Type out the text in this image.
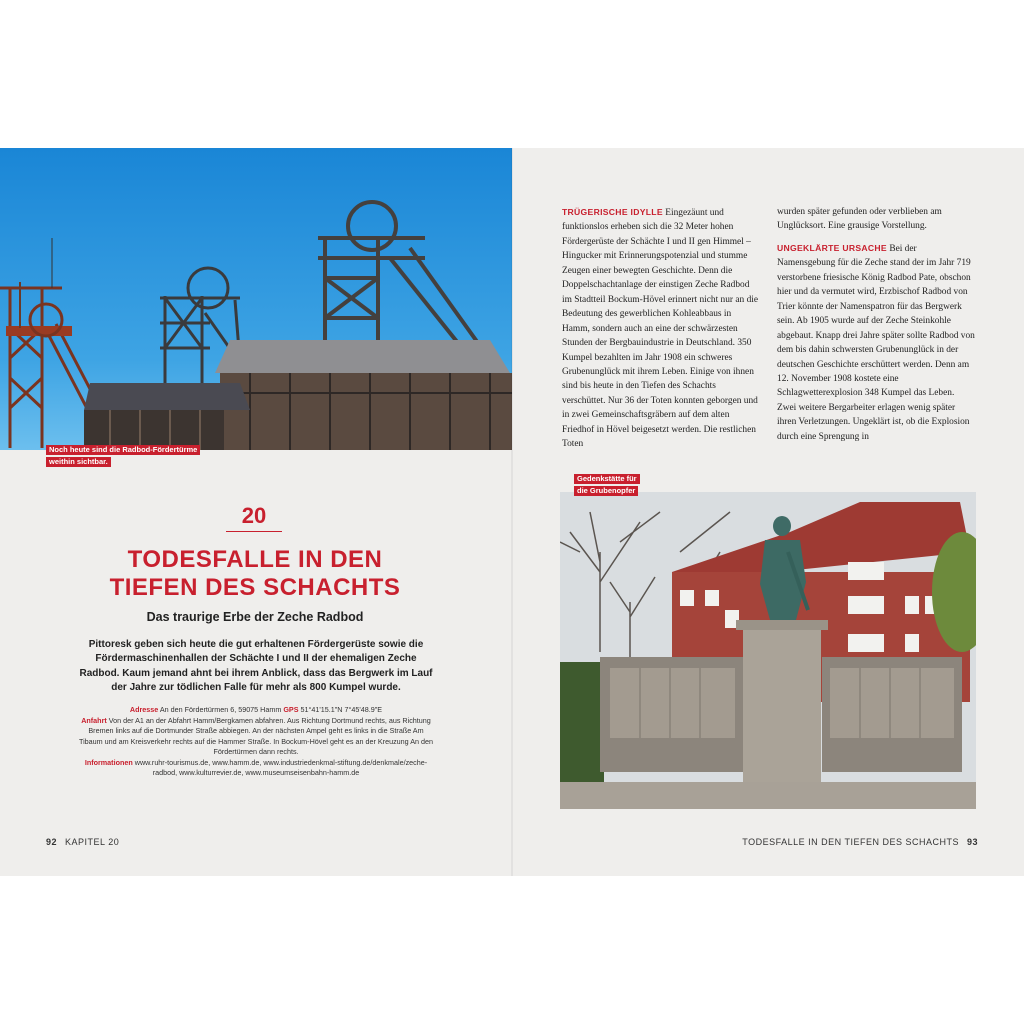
Noch heute sind die Radbod-Fördertürme
weithin sichtbar.
20
TODESFALLE IN DEN
TIEFEN DES SCHACHTS
Das traurige Erbe der Zeche Radbod
Pittoresk geben sich heute die gut erhaltenen Fördergerüste sowie die Fördermaschinenhallen der Schächte I und II der ehemaligen Zeche Radbod. Kaum jemand ahnt bei ihrem Anblick, dass das Bergwerk im Lauf der Jahre zur tödlichen Falle für mehr als 800 Kumpel wurde.
Adresse An den Fördertürmen 6, 59075 Hamm GPS 51°41'15.1"N 7°45'48.9"E
Anfahrt Von der A1 an der Abfahrt Hamm/Bergkamen abfahren. Aus Richtung Dortmund rechts, aus Richtung Bremen links auf die Dortmunder Straße abbiegen. An der nächsten Ampel geht es links in die Straße Am Tibaum und am Kreisverkehr rechts auf die Hammer Straße. In Bockum-Hövel geht es an der Kreuzung An den Fördertürmen dann rechts.
Informationen www.ruhr-tourismus.de, www.hamm.de, www.industriedenkmal-stiftung.de/denkmale/zeche-radbod, www.kulturrevier.de, www.museumseisenbahn-hamm.de
92 KAPITEL 20
TRÜGERISCHE IDYLLE Eingezäunt und funktionslos erheben sich die 32 Meter hohen Fördergerüste der Schächte I und II gen Himmel – Hingucker mit Erinnerungspotenzial und stumme Zeugen einer bewegten Geschichte. Denn die Doppelschachtanlage der einstigen Zeche Radbod im Stadtteil Bockum-Hövel erinnert nicht nur an die Bedeutung des gewerblichen Kohleabbaus in Hamm, sondern auch an eine der schwärzesten Stunden der Bergbauindustrie in Deutschland. 350 Kumpel bezahlten im Jahr 1908 ein schweres Grubenunglück mit ihrem Leben. Einige von ihnen sind bis heute in den Tiefen des Schachts verschüttet. Nur 36 der Toten konnten geborgen und in zwei Gemeinschaftsgräbern auf dem alten Friedhof in Hövel beigesetzt werden. Die restlichen Toten
wurden später gefunden oder verblieben am Unglücksort. Eine grausige Vorstellung.
UNGEKLÄRTE URSACHE Bei der Namensgebung für die Zeche stand der im Jahr 719 verstorbene friesische König Radbod Pate, obschon hier und da vermutet wird, Erzbischof Radbod von Trier könnte der Namenspatron für das Bergwerk sein. Ab 1905 wurde auf der Zeche Steinkohle abgebaut. Knapp drei Jahre später sollte Radbod von dem bis dahin schwersten Grubenunglück in der deutschen Geschichte erschüttert werden. Denn am 12. November 1908 kostete eine Schlagwetterexplosion 348 Kumpel das Leben. Zwei weitere Bergarbeiter erlagen wenig später ihren Verletzungen. Ungeklärt ist, ob die Explosion durch eine Sprengung in
Gedenkstätte für
die Grubenopfer
TODESFALLE IN DEN TIEFEN DES SCHACHTS 93
